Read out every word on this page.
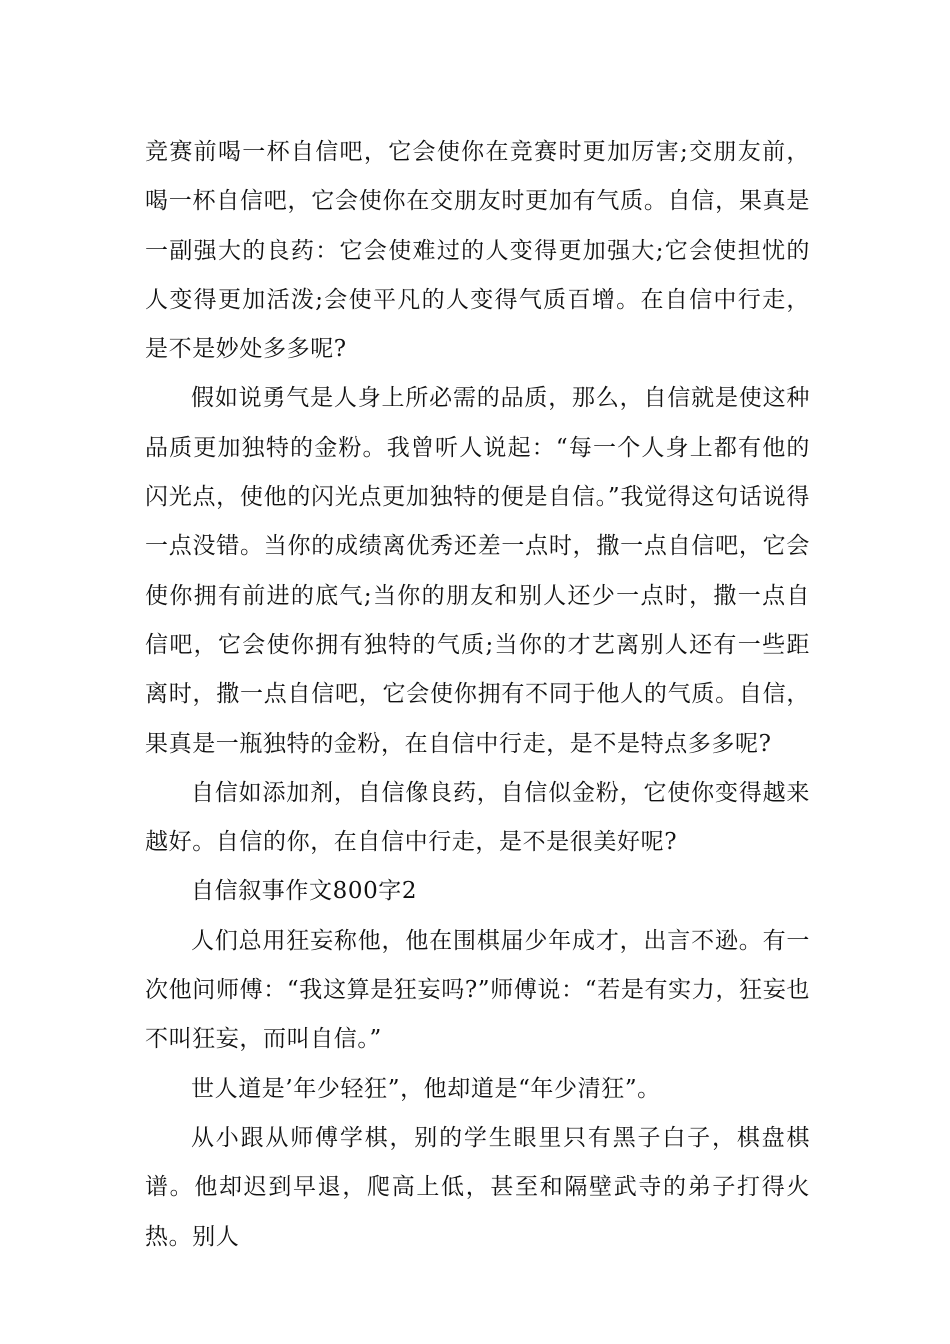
竞赛前喝一杯自信吧，它会使你在竞赛时更加厉害;交朋友前，喝一杯自信吧，它会使你在交朋友时更加有气质。自信，果真是一副强大的良药：它会使难过的人变得更加强大;它会使担忧的人变得更加活泼;会使平凡的人变得气质百增。在自信中行走，是不是妙处多多呢?

假如说勇气是人身上所必需的品质，那么，自信就是使这种品质更加独特的金粉。我曾听人说起：“每一个人身上都有他的闪光点，使他的闪光点更加独特的便是自信。”我觉得这句话说得一点没错。当你的成绩离优秀还差一点时，撒一点自信吧，它会使你拥有前进的底气;当你的朋友和别人还少一点时，撒一点自信吧，它会使你拥有独特的气质;当你的才艺离别人还有一些距离时，撒一点自信吧，它会使你拥有不同于他人的气质。自信，果真是一瓶独特的金粉，在自信中行走，是不是特点多多呢?

自信如添加剂，自信像良药，自信似金粉，它使你变得越来越好。自信的你，在自信中行走，是不是很美好呢?

自信叙事作文800字2

人们总用狂妄称他，他在围棋届少年成才，出言不逊。有一次他问师傅：“我这算是狂妄吗?”师傅说：“若是有实力，狂妄也不叫狂妄，而叫自信。”

世人道是’年少轻狂”，他却道是“年少清狂”。

从小跟从师傅学棋，别的学生眼里只有黑子白子，棋盘棋谱。他却迟到早退，爬高上低，甚至和隔壁武寺的弟子打得火热。别人
